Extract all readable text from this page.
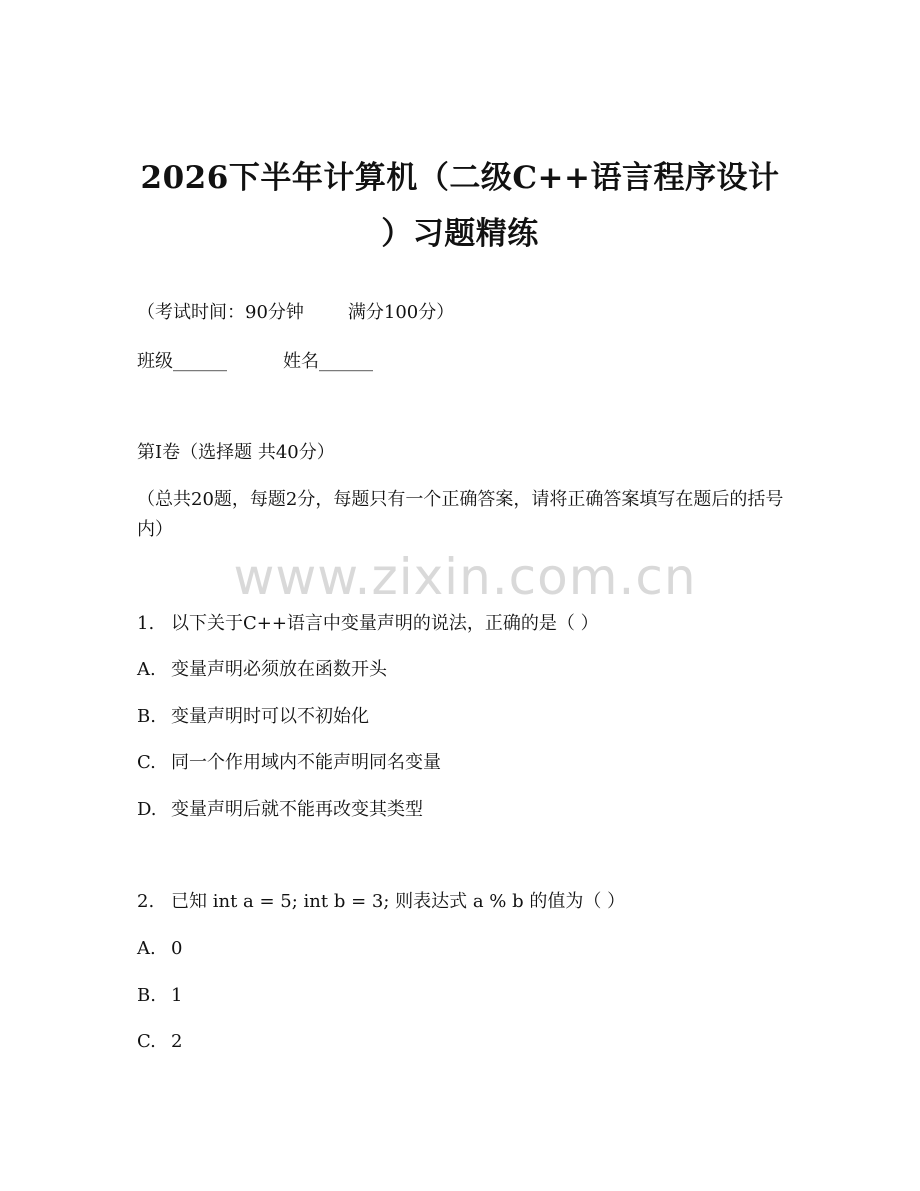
2026下半年计算机（二级C++语言程序设计
）习题精练
（考试时间：90分钟 满分100分）
班级______	姓名______
第I卷（选择题 共40分）
（总共20题，每题2分，每题只有一个正确答案，请将正确答案填写在题后的括号内）
www.zixin.com.cn
1. 以下关于C++语言中变量声明的说法，正确的是（ ）
A. 变量声明必须放在函数开头
B. 变量声明时可以不初始化
C. 同一个作用域内不能声明同名变量
D. 变量声明后就不能再改变其类型
2. 已知 int a = 5; int b = 3; 则表达式 a % b 的值为（ ）
A. 0
B. 1
C. 2
